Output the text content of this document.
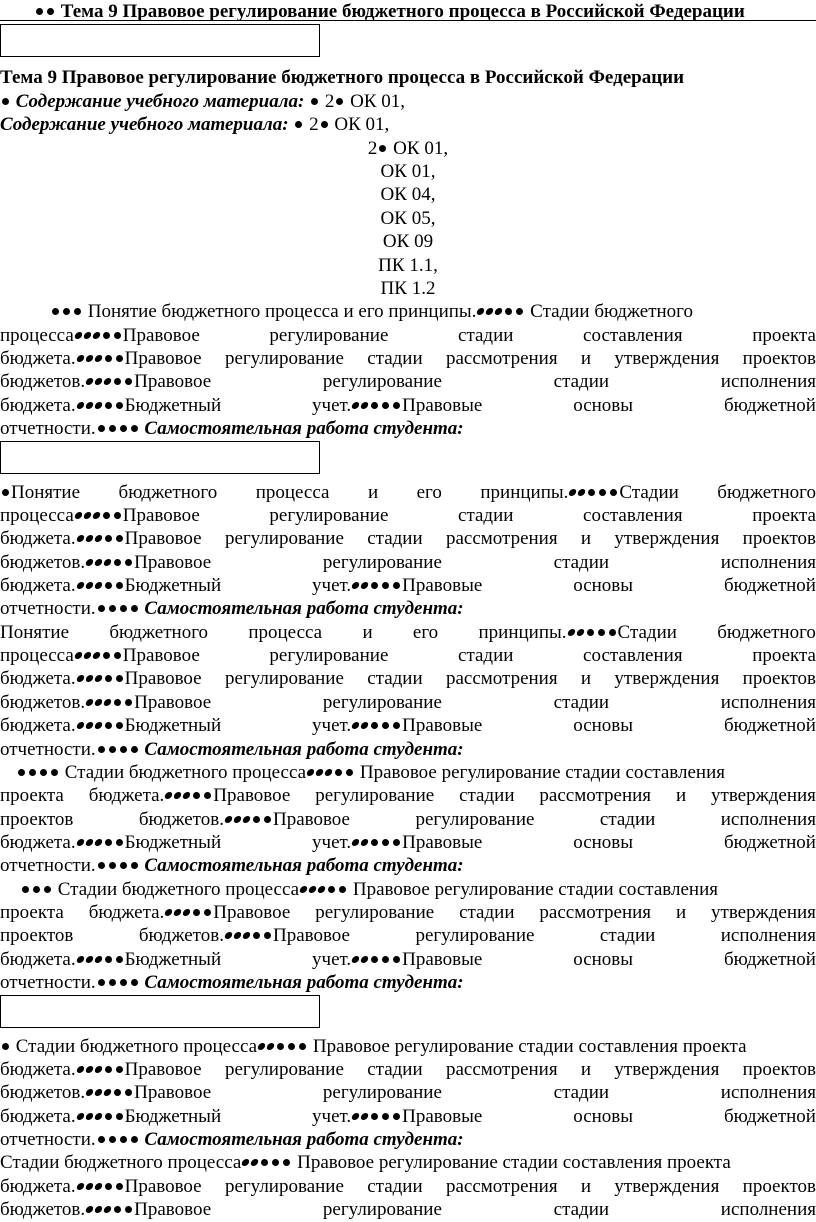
Тема 9 Правовое регулирование бюджетного процесса в Российской Федерации
Тема 9 Правовое регулирование бюджетного процесса в Российской Федерации
Содержание учебного материала: 2 ОК 01,
Содержание учебного материала: 2 ОК 01,
2 ОК 01,
ОК 01,
ОК 04,
ОК 05,
ОК 09
ПК 1.1,
ПК 1.2
Понятие бюджетного процесса и его принципы.	Стадии бюджетного
процесса	Правовое	регулирование	стадии	составления	проекта
бюджета.	Правовое регулирование стадии рассмотрения и утверждения проектов
бюджетов.	Правовое	регулирование	стадии	исполнения
бюджета.	Бюджетный	учет.	Правовые	основы	бюджетной
отчетности.	Самостоятельная работа студента:
Понятие бюджетного процесса и его принципы.	Стадии бюджетного
процесса	Правовое	регулирование	стадии	составления	проекта
бюджета.	Правовое регулирование стадии рассмотрения и утверждения проектов
бюджетов.	Правовое	регулирование	стадии	исполнения
бюджета.	Бюджетный	учет.	Правовые	основы	бюджетной
отчетности.	Самостоятельная работа студента:
Понятие бюджетного процесса и его принципы.	Стадии бюджетного
процесса	Правовое	регулирование	стадии	составления	проекта
бюджета.	Правовое регулирование стадии рассмотрения и утверждения проектов
бюджетов.	Правовое	регулирование	стадии	исполнения
бюджета.	Бюджетный	учет.	Правовые	основы	бюджетной
отчетности.	Самостоятельная работа студента:
Стадии бюджетного процесса	Правовое регулирование стадии составления
проекта бюджета.	Правовое регулирование стадии рассмотрения и утверждения
проектов	бюджетов.	Правовое	регулирование	стадии	исполнения
бюджета.	Бюджетный	учет.	Правовые	основы	бюджетной
отчетности.	Самостоятельная работа студента:
Стадии бюджетного процесса	Правовое регулирование стадии составления
проекта бюджета.	Правовое регулирование стадии рассмотрения и утверждения
проектов	бюджетов.	Правовое	регулирование	стадии	исполнения
бюджета.	Бюджетный	учет.	Правовые	основы	бюджетной
отчетности.	Самостоятельная работа студента:
Стадии бюджетного процесса	Правовое регулирование стадии составления проекта
бюджета.	Правовое регулирование стадии рассмотрения и утверждения проектов
бюджетов.	Правовое	регулирование	стадии	исполнения
бюджета.	Бюджетный	учет.	Правовые	основы	бюджетной
отчетности.	Самостоятельная работа студента:
Стадии бюджетного процесса	Правовое регулирование стадии составления проекта
бюджета.	Правовое регулирование стадии рассмотрения и утверждения проектов
бюджетов.	Правовое	регулирование	стадии	исполнения
